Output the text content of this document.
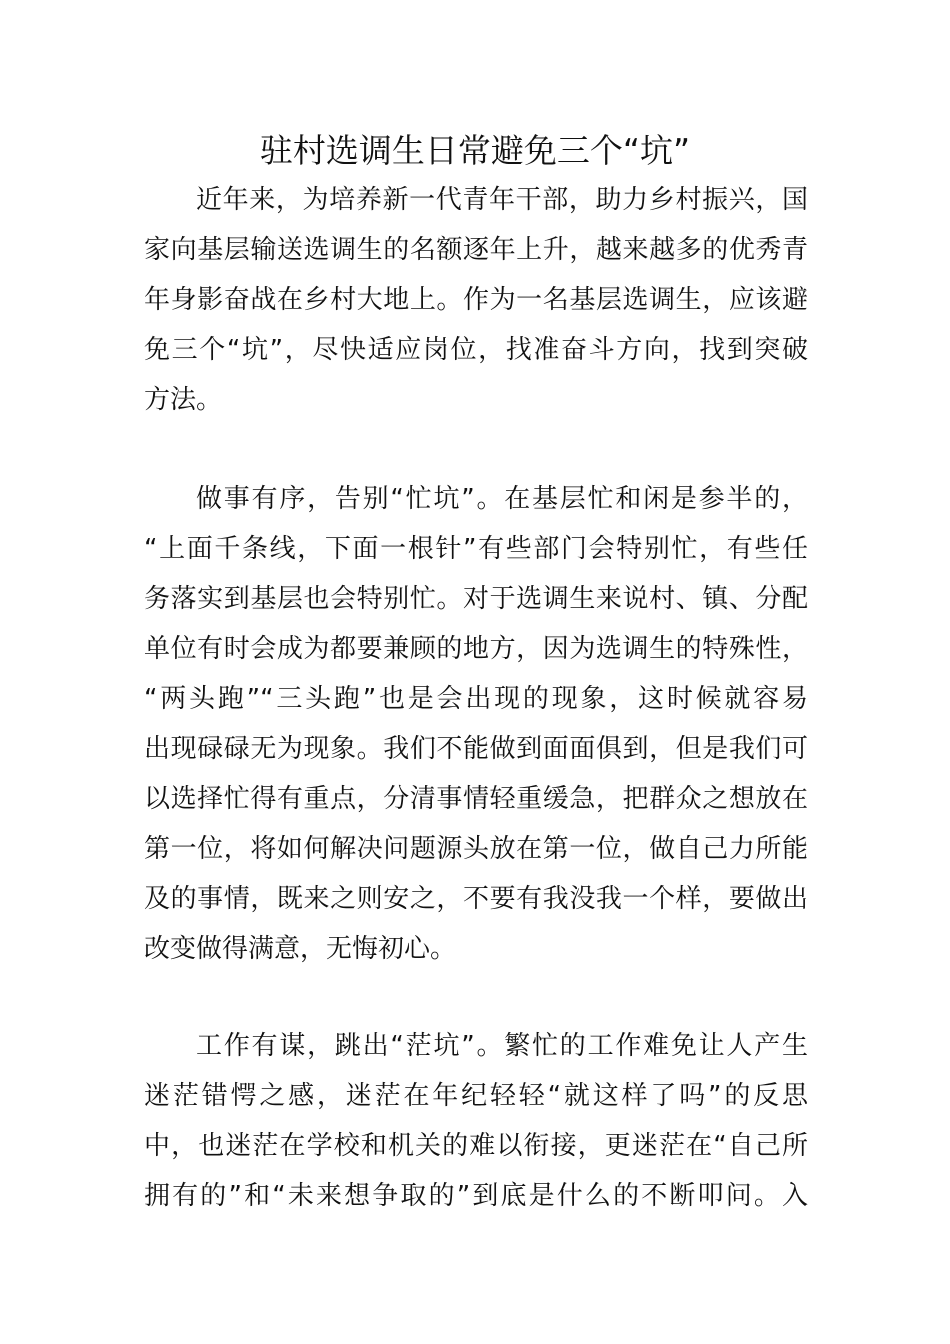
驻村选调生日常避免三个“坑”
近年来，为培养新一代青年干部，助力乡村振兴，国
家向基层输送选调生的名额逐年上升，越来越多的优秀青
年身影奋战在乡村大地上。作为一名基层选调生，应该避
免三个“坑”，尽快适应岗位，找准奋斗方向，找到突破
方法。
做事有序，告别“忙坑”。在基层忙和闲是参半的，
“上面千条线，下面一根针”有些部门会特别忙，有些任
务落实到基层也会特别忙。对于选调生来说村、镇、分配
单位有时会成为都要兼顾的地方，因为选调生的特殊性，
“两头跑”“三头跑”也是会出现的现象，这时候就容易
出现碌碌无为现象。我们不能做到面面俱到，但是我们可
以选择忙得有重点，分清事情轻重缓急，把群众之想放在
第一位，将如何解决问题源头放在第一位，做自己力所能
及的事情，既来之则安之，不要有我没我一个样，要做出
改变做得满意，无悔初心。
工作有谋，跳出“茫坑”。繁忙的工作难免让人产生
迷茫错愕之感，迷茫在年纪轻轻“就这样了吗”的反思
中，也迷茫在学校和机关的难以衔接，更迷茫在“自己所
拥有的”和“未来想争取的”到底是什么的不断叩问。入
